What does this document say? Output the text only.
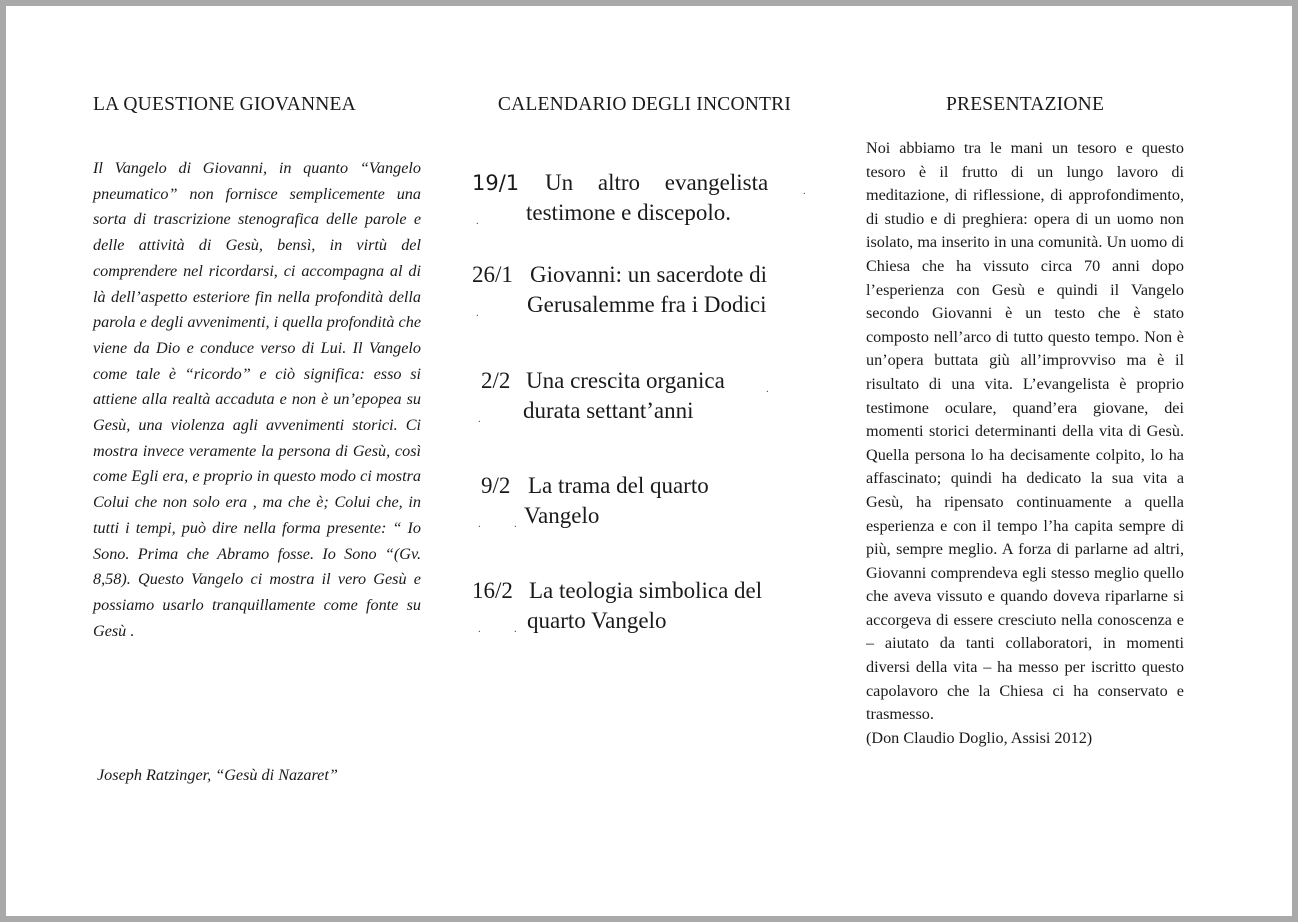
LA QUESTIONE GIOVANNEA

Il Vangelo di Giovanni, in quanto “Vangelo pneumatico” non fornisce semplicemente una sorta di trascrizione stenografica delle parole e delle attività di Gesù, bensì, in virtù del comprendere nel ricordarsi, ci accompagna al di là dell’aspetto esteriore fin nella profondità della parola e degli avvenimenti, i quella profondità che viene da Dio e conduce verso di Lui. Il Vangelo come tale è “ricordo” e ciò significa: esso si attiene alla realtà accaduta e non è un’epopea su Gesù, una violenza agli avvenimenti storici. Ci mostra invece veramente la persona di Gesù, così come Egli era, e proprio in questo modo ci mostra Colui che non solo era , ma che è; Colui che, in tutti i tempi, può dire nella forma presente: “ Io Sono. Prima che Abramo fosse. Io Sono “(Gv. 8,58). Questo Vangelo ci mostra il vero Gesù e possiamo usarlo tranquillamente come fonte su Gesù .

Joseph Ratzinger, “Gesù di Nazaret”
CALENDARIO DEGLI INCONTRI
19/1 Un altro evangelista	.
. testimone e discepolo.
26/1 Giovanni: un sacerdote di
. Gerusalemme fra i Dodici
2/2 Una crescita organica	.
. durata settant’anni
9/2 La trama del quarto
.	. Vangelo
16/2 La teologia simbolica del
.	. quarto Vangelo
PRESENTAZIONE

Noi abbiamo tra le mani un tesoro e questo tesoro è il frutto di un lungo lavoro di meditazione, di riflessione, di approfondimento, di studio e di preghiera: opera di un uomo non isolato, ma inserito in una comunità. Un uomo di Chiesa che ha vissuto circa 70 anni dopo l’esperienza con Gesù e quindi il Vangelo secondo Giovanni è un testo che è stato composto nell’arco di tutto questo tempo. Non è un’opera buttata giù all’improvviso ma è il risultato di una vita. L’evangelista è proprio testimone oculare, quand’era giovane, dei momenti storici determinanti della vita di Gesù. Quella persona lo ha decisamente colpito, lo ha affascinato; quindi ha dedicato la sua vita a Gesù, ha ripensato continuamente a quella esperienza e con il tempo l’ha capita sempre di più, sempre meglio. A forza di parlarne ad altri, Giovanni comprendeva egli stesso meglio quello che aveva vissuto e quando doveva riparlarne si accorgeva di essere cresciuto nella conoscenza e – aiutato da tanti collaboratori, in momenti diversi della vita – ha messo per iscritto questo capolavoro che la Chiesa ci ha conservato e trasmesso.
(Don Claudio Doglio, Assisi 2012)
